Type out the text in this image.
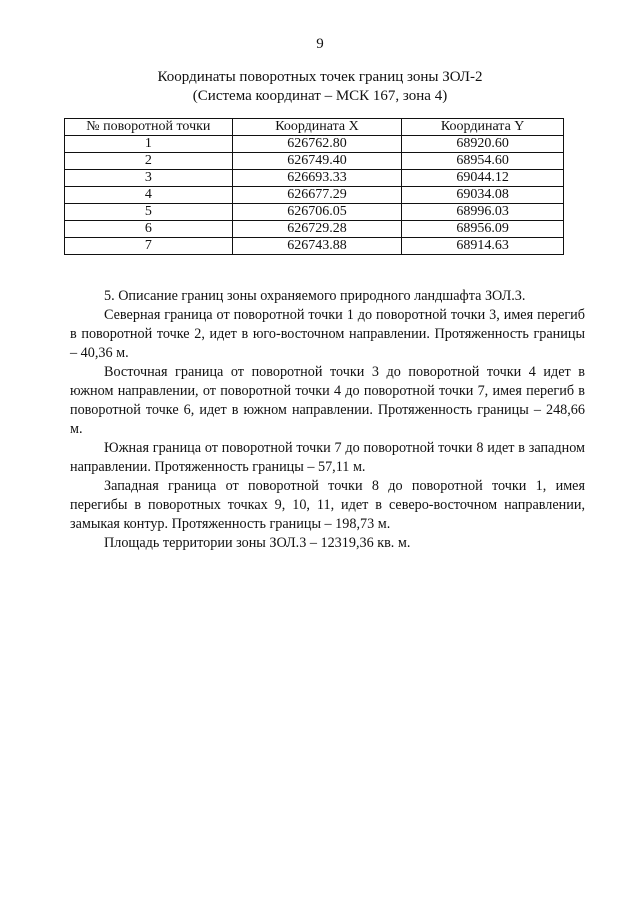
9
Координаты поворотных точек границ зоны ЗОЛ-2
(Система координат – МСК 167, зона 4)
№ поворотной точки	Координата X	Координата Y
1	626762.80	68920.60
2	626749.40	68954.60
3	626693.33	69044.12
4	626677.29	69034.08
5	626706.05	68996.03
6	626729.28	68956.09
7	626743.88	68914.63

5. Описание границ зоны охраняемого природного ландшафта ЗОЛ.3.

Северная граница от поворотной точки 1 до поворотной точки 3, имея перегиб в поворотной точке 2, идет в юго-восточном направлении. Протяженность границы – 40,36 м.

Восточная граница от поворотной точки 3 до поворотной точки 4 идет в южном направлении, от поворотной точки 4 до поворотной точки 7, имея перегиб в поворотной точке 6, идет в южном направлении. Протяженность границы – 248,66 м.

Южная граница от поворотной точки 7 до поворотной точки 8 идет в западном направлении. Протяженность границы – 57,11 м.

Западная граница от поворотной точки 8 до поворотной точки 1, имея перегибы в поворотных точках 9, 10, 11, идет в северо-восточном направлении, замыкая контур. Протяженность границы – 198,73 м.

Площадь территории зоны ЗОЛ.3 – 12319,36 кв. м.
